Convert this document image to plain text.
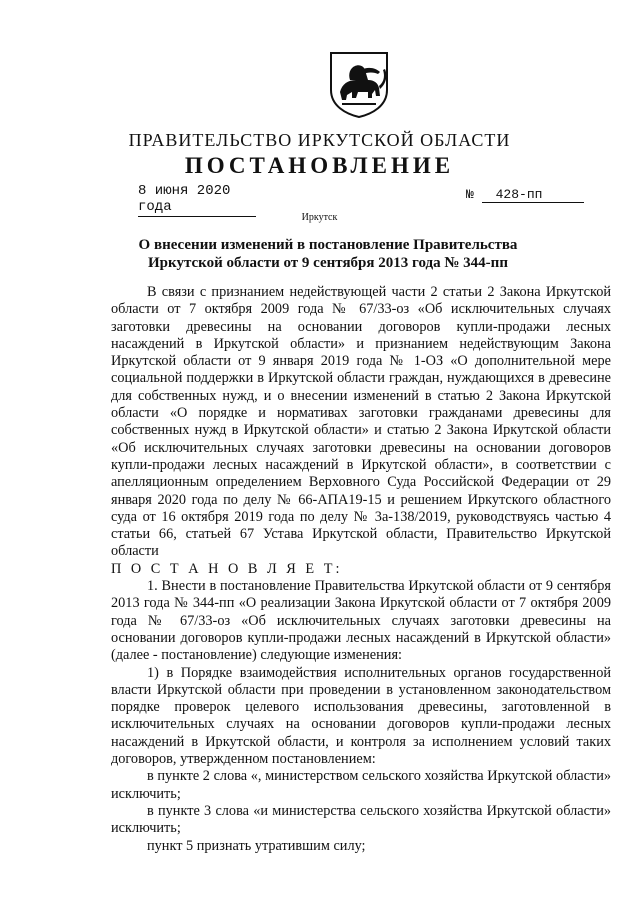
ПРАВИТЕЛЬСТВО ИРКУТСКОЙ ОБЛАСТИ
ПОСТАНОВЛЕНИЕ
8 июня 2020 года
№ 428-пп
Иркутск
О внесении изменений в постановление Правительства Иркутской области от 9 сентября 2013 года № 344-пп

В связи с признанием недействующей части 2 статьи 2 Закона Иркутской области от 7 октября 2009 года № 67/33-оз «Об исключительных случаях заготовки древесины на основании договоров купли-продажи лесных насаждений в Иркутской области» и признанием недействующим Закона Иркутской области от 9 января 2019 года № 1-ОЗ «О дополнительной мере социальной поддержки в Иркутской области граждан, нуждающихся в древесине для собственных нужд, и о внесении изменений в статью 2 Закона Иркутской области «О порядке и нормативах заготовки гражданами древесины для собственных нужд в Иркутской области» и статью 2 Закона Иркутской области «Об исключительных случаях заготовки древесины на основании договоров купли-продажи лесных насаждений в Иркутской области», в соответствии с апелляционным определением Верховного Суда Российской Федерации от 29 января 2020 года по делу № 66-АПА19-15 и решением Иркутского областного суда от 16 октября 2019 года по делу № 3а-138/2019, руководствуясь частью 4 статьи 66, статьей 67 Устава Иркутской области, Правительство Иркутской области

П О С Т А Н О В Л Я Е Т:

1. Внести в постановление Правительства Иркутской области от 9 сентября 2013 года № 344-пп «О реализации Закона Иркутской области от 7 октября 2009 года № 67/33-оз «Об исключительных случаях заготовки древесины на основании договоров купли-продажи лесных насаждений в Иркутской области» (далее - постановление) следующие изменения:

1) в Порядке взаимодействия исполнительных органов государственной власти Иркутской области при проведении в установленном законодательством порядке проверок целевого использования древесины, заготовленной в исключительных случаях на основании договоров купли-продажи лесных насаждений в Иркутской области, и контроля за исполнением условий таких договоров, утвержденном постановлением:

в пункте 2 слова «, министерством сельского хозяйства Иркутской области» исключить;

в пункте 3 слова «и министерства сельского хозяйства Иркутской области» исключить;

пункт 5 признать утратившим силу;
